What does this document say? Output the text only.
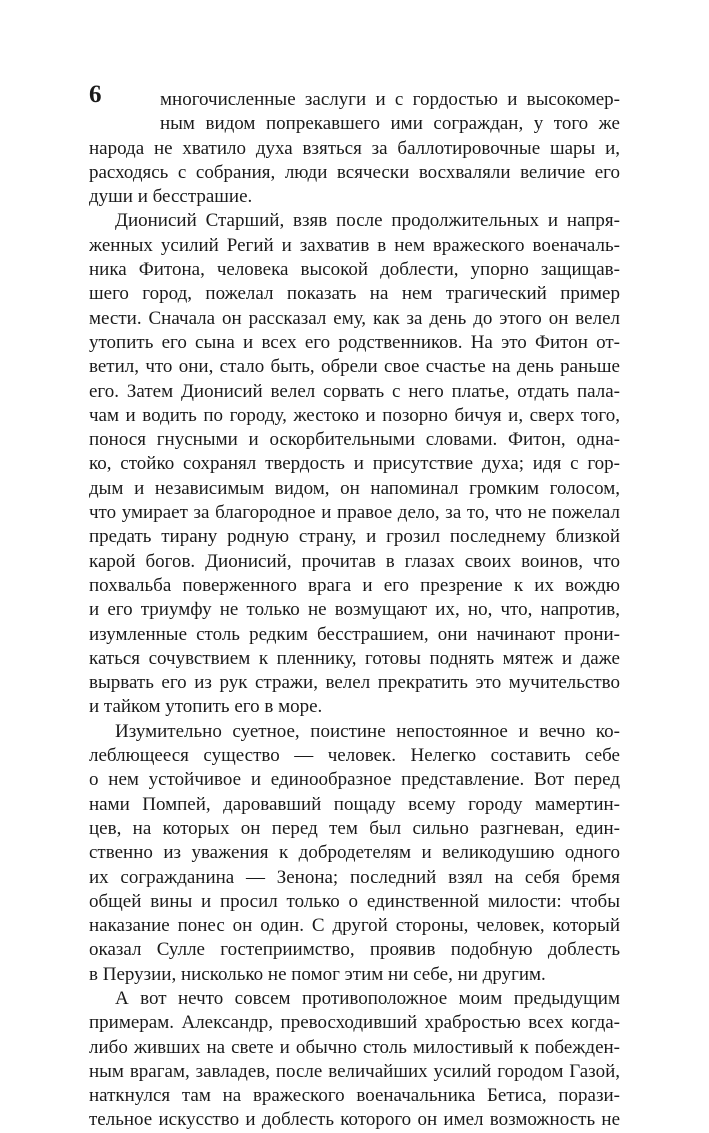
6	многочисленные заслуги и с гордостью и высокомер-
ным видом попрекавшего ими сограждан, у того же
народа не хватило духа взяться за баллотировочные шары и,
расходясь с собрания, люди всячески восхваляли величие его
души и бесстрашие.
Дионисий Старший, взяв после продолжительных и напря-
женных усилий Регий и захватив в нем вражеского военачаль-
ника Фитона, человека высокой доблести, упорно защищав-
шего город, пожелал показать на нем трагический пример
мести. Сначала он рассказал ему, как за день до этого он велел
утопить его сына и всех его родственников. На это Фитон от-
ветил, что они, стало быть, обрели свое счастье на день раньше
его. Затем Дионисий велел сорвать с него платье, отдать пала-
чам и водить по городу, жестоко и позорно бичуя и, сверх того,
понося гнусными и оскорбительными словами. Фитон, одна-
ко, стойко сохранял твердость и присутствие духа; идя с гор-
дым и независимым видом, он напоминал громким голосом,
что умирает за благородное и правое дело, за то, что не пожелал
предать тирану родную страну, и грозил последнему близкой
карой богов. Дионисий, прочитав в глазах своих воинов, что
похвальба поверженного врага и его презрение к их вождю
и его триумфу не только не возмущают их, но, что, напротив,
изумленные столь редким бесстрашием, они начинают прони-
каться сочувствием к пленнику, готовы поднять мятеж и даже
вырвать его из рук стражи, велел прекратить это мучительство
и тайком утопить его в море.
Изумительно суетное, поистине непостоянное и вечно ко-
леблющееся существо — человек. Нелегко составить себе
о нем устойчивое и единообразное представление. Вот перед
нами Помпей, даровавший пощаду всему городу мамертин-
цев, на которых он перед тем был сильно разгневан, един-
ственно из уважения к добродетелям и великодушию одного
их согражданина — Зенона; последний взял на себя бремя
общей вины и просил только о единственной милости: чтобы
наказание понес он один. С другой стороны, человек, который
оказал Сулле гостеприимство, проявив подобную доблесть
в Перузии, нисколько не помог этим ни себе, ни другим.
А вот нечто совсем противоположное моим предыдущим
примерам. Александр, превосходивший храбростью всех когда-
либо живших на свете и обычно столь милостивый к побежден-
ным врагам, завладев, после величайших усилий городом Газой,
наткнулся там на вражеского военачальника Бетиса, порази-
тельное искусство и доблесть которого он имел возможность не
